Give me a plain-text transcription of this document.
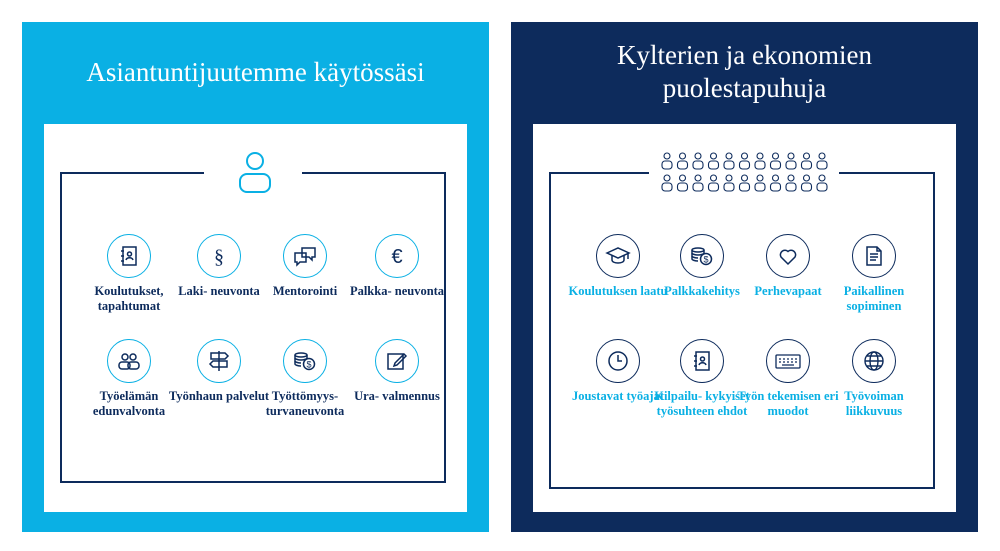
Asiantuntijuutemme käytössäsi
Koulutukset, tapahtumat
§
Laki- neuvonta	Mentorointi
€
Palkka- neuvonta
Työelämän edunvalvonta
Työnhaun palvelut
$
Työttömyys- turvaneuvonta
Ura- valmennus
Kylterien ja ekonomien puolestapuhuja
Koulutuksen laatu
$
Palkkakehitys	Perhevapaat	Paikallinen sopiminen
Joustavat työajat
Kilpailu- kykyiset työsuhteen ehdot
Työn tekemisen eri muodot
Työvoiman liikkuvuus
